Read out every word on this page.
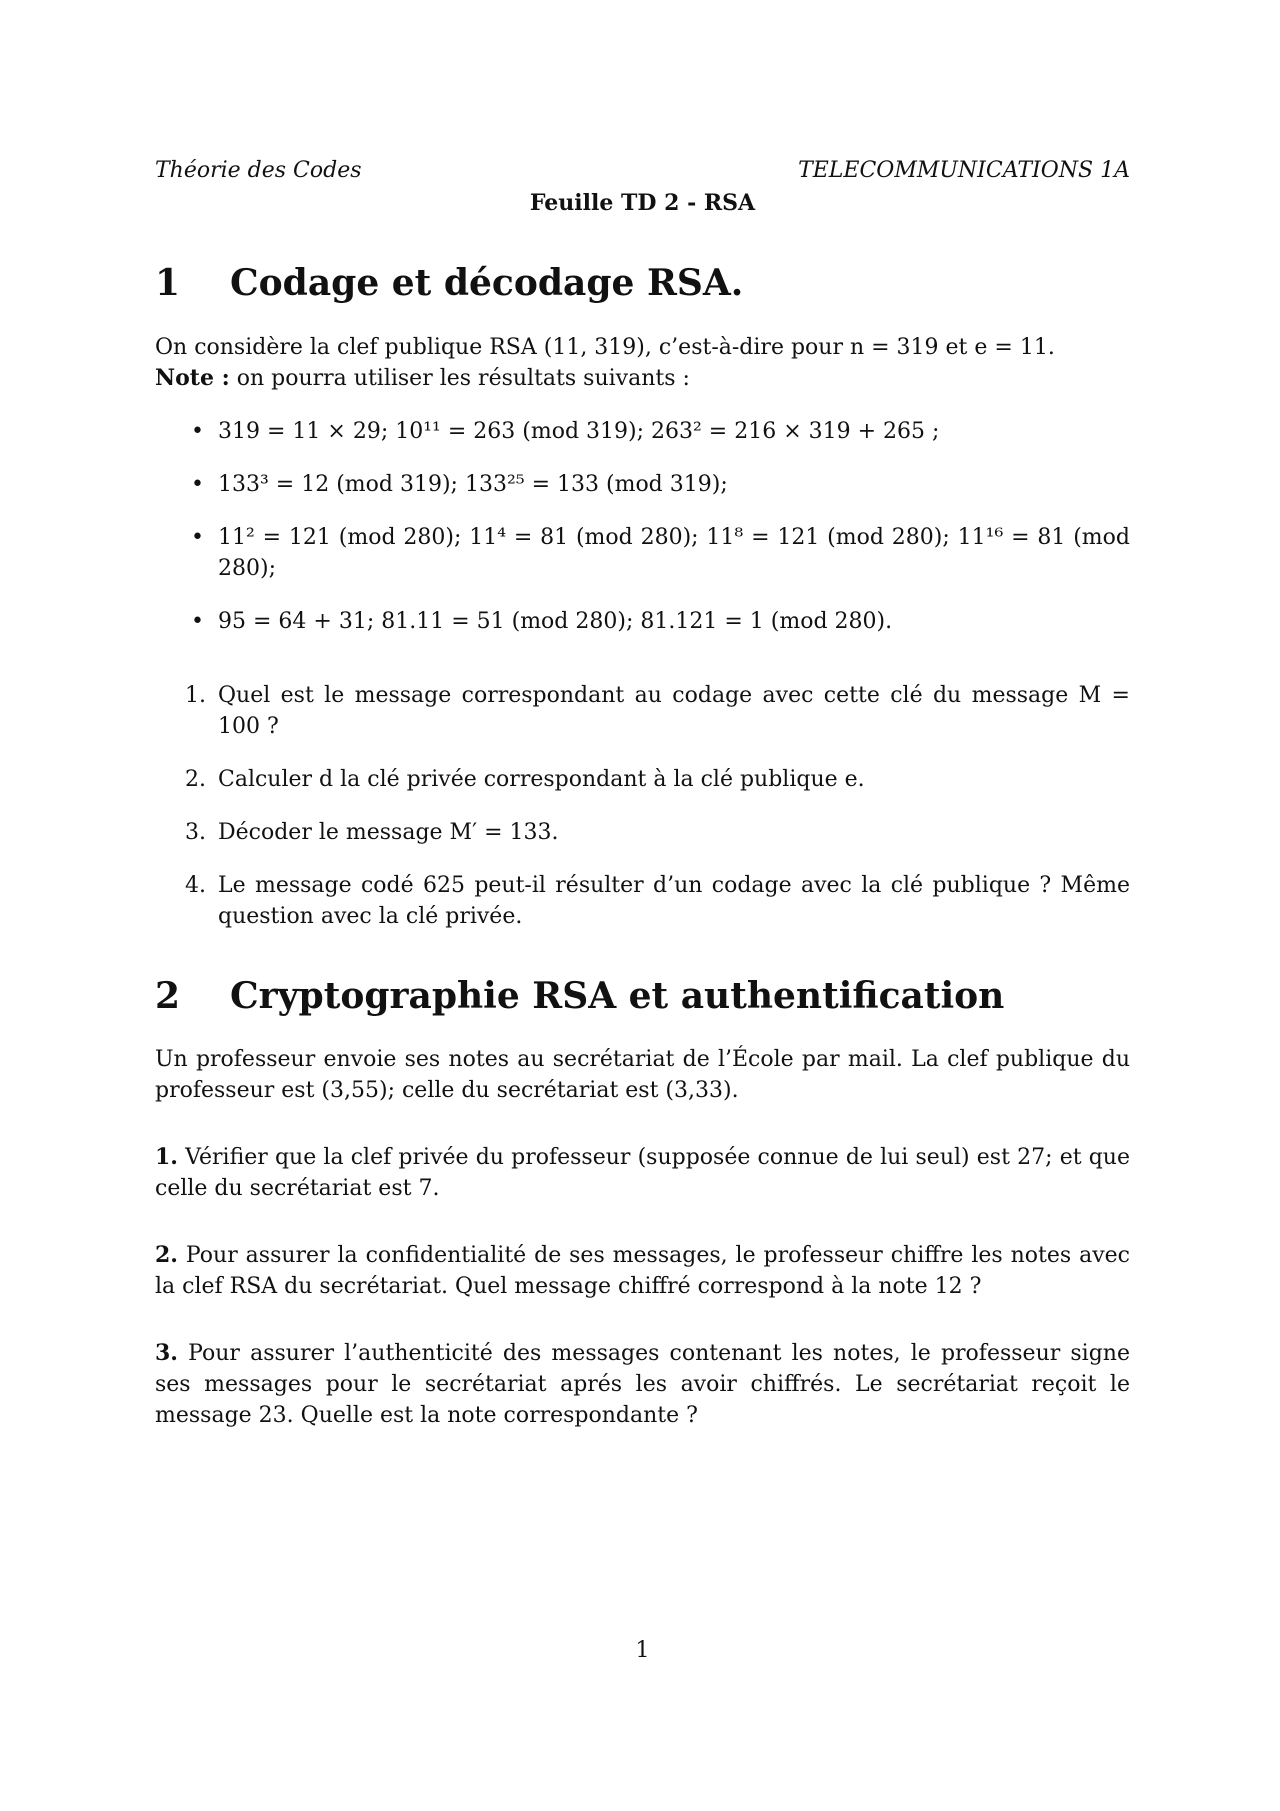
Théorie des Codes	TELECOMMUNICATIONS 1A
Feuille TD 2 - RSA
1	Codage et décodage RSA.
On considère la clef publique RSA (11, 319), c’est-à-dire pour n = 319 et e = 11.
Note : on pourra utiliser les résultats suivants :
• 319 = 11 × 29; 10¹¹ = 263 (mod 319); 263² = 216 × 319 + 265 ;
• 133³ = 12 (mod 319); 133²⁵ = 133 (mod 319);
• 11² = 121 (mod 280); 11⁴ = 81 (mod 280); 11⁸ = 121 (mod 280); 11¹⁶ = 81 (mod 280);
• 95 = 64 + 31; 81.11 = 51 (mod 280); 81.121 = 1 (mod 280).
1. Quel est le message correspondant au codage avec cette clé du message M = 100 ?
2. Calculer d la clé privée correspondant à la clé publique e.
3. Décoder le message M′ = 133.
4. Le message codé 625 peut-il résulter d’un codage avec la clé publique ? Même question avec la clé privée.
2	Cryptographie RSA et authentification
Un professeur envoie ses notes au secrétariat de l’École par mail. La clef publique du professeur est (3,55); celle du secrétariat est (3,33).
1. Vérifier que la clef privée du professeur (supposée connue de lui seul) est 27; et que celle du secrétariat est 7.
2. Pour assurer la confidentialité de ses messages, le professeur chiffre les notes avec la clef RSA du secrétariat. Quel message chiffré correspond à la note 12 ?
3. Pour assurer l’authenticité des messages contenant les notes, le professeur signe ses messages pour le secrétariat aprés les avoir chiffrés. Le secrétariat reçoit le message 23. Quelle est la note correspondante ?
1
